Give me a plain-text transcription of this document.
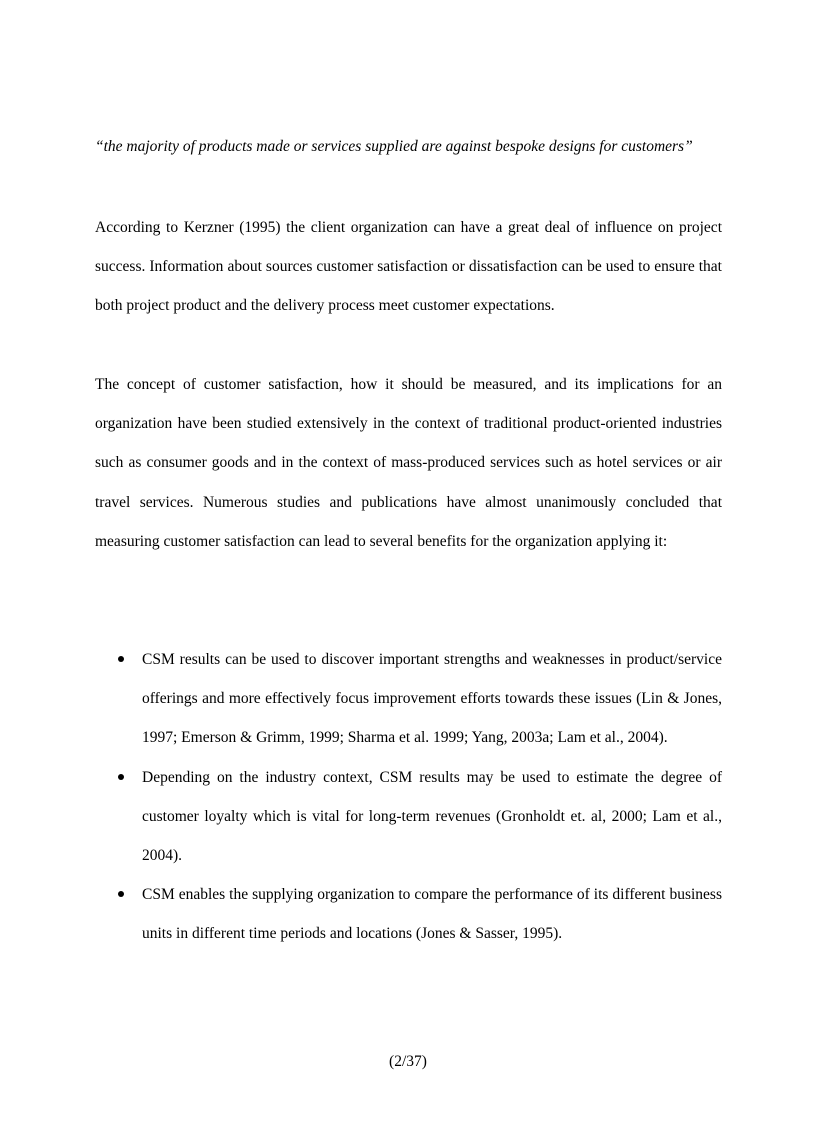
“the majority of products made or services supplied are against bespoke designs for customers”

According to Kerzner (1995) the client organization can have a great deal of influence on project success. Information about sources customer satisfaction or dissatisfaction can be used to ensure that both project product and the delivery process meet customer expectations.

The concept of customer satisfaction, how it should be measured, and its implications for an organization have been studied extensively in the context of traditional product-oriented industries such as consumer goods and in the context of mass-produced services such as hotel services or air travel services. Numerous studies and publications have almost unanimously concluded that measuring customer satisfaction can lead to several benefits for the organization applying it:

CSM results can be used to discover important strengths and weaknesses in product/service offerings and more effectively focus improvement efforts towards these issues (Lin & Jones, 1997; Emerson & Grimm, 1999; Sharma et al. 1999; Yang, 2003a; Lam et al., 2004).
Depending on the industry context, CSM results may be used to estimate the degree of customer loyalty which is vital for long-term revenues (Gronholdt et. al, 2000; Lam et al., 2004).
CSM enables the supplying organization to compare the performance of its different business units in different time periods and locations (Jones & Sasser, 1995).
(2/37)
